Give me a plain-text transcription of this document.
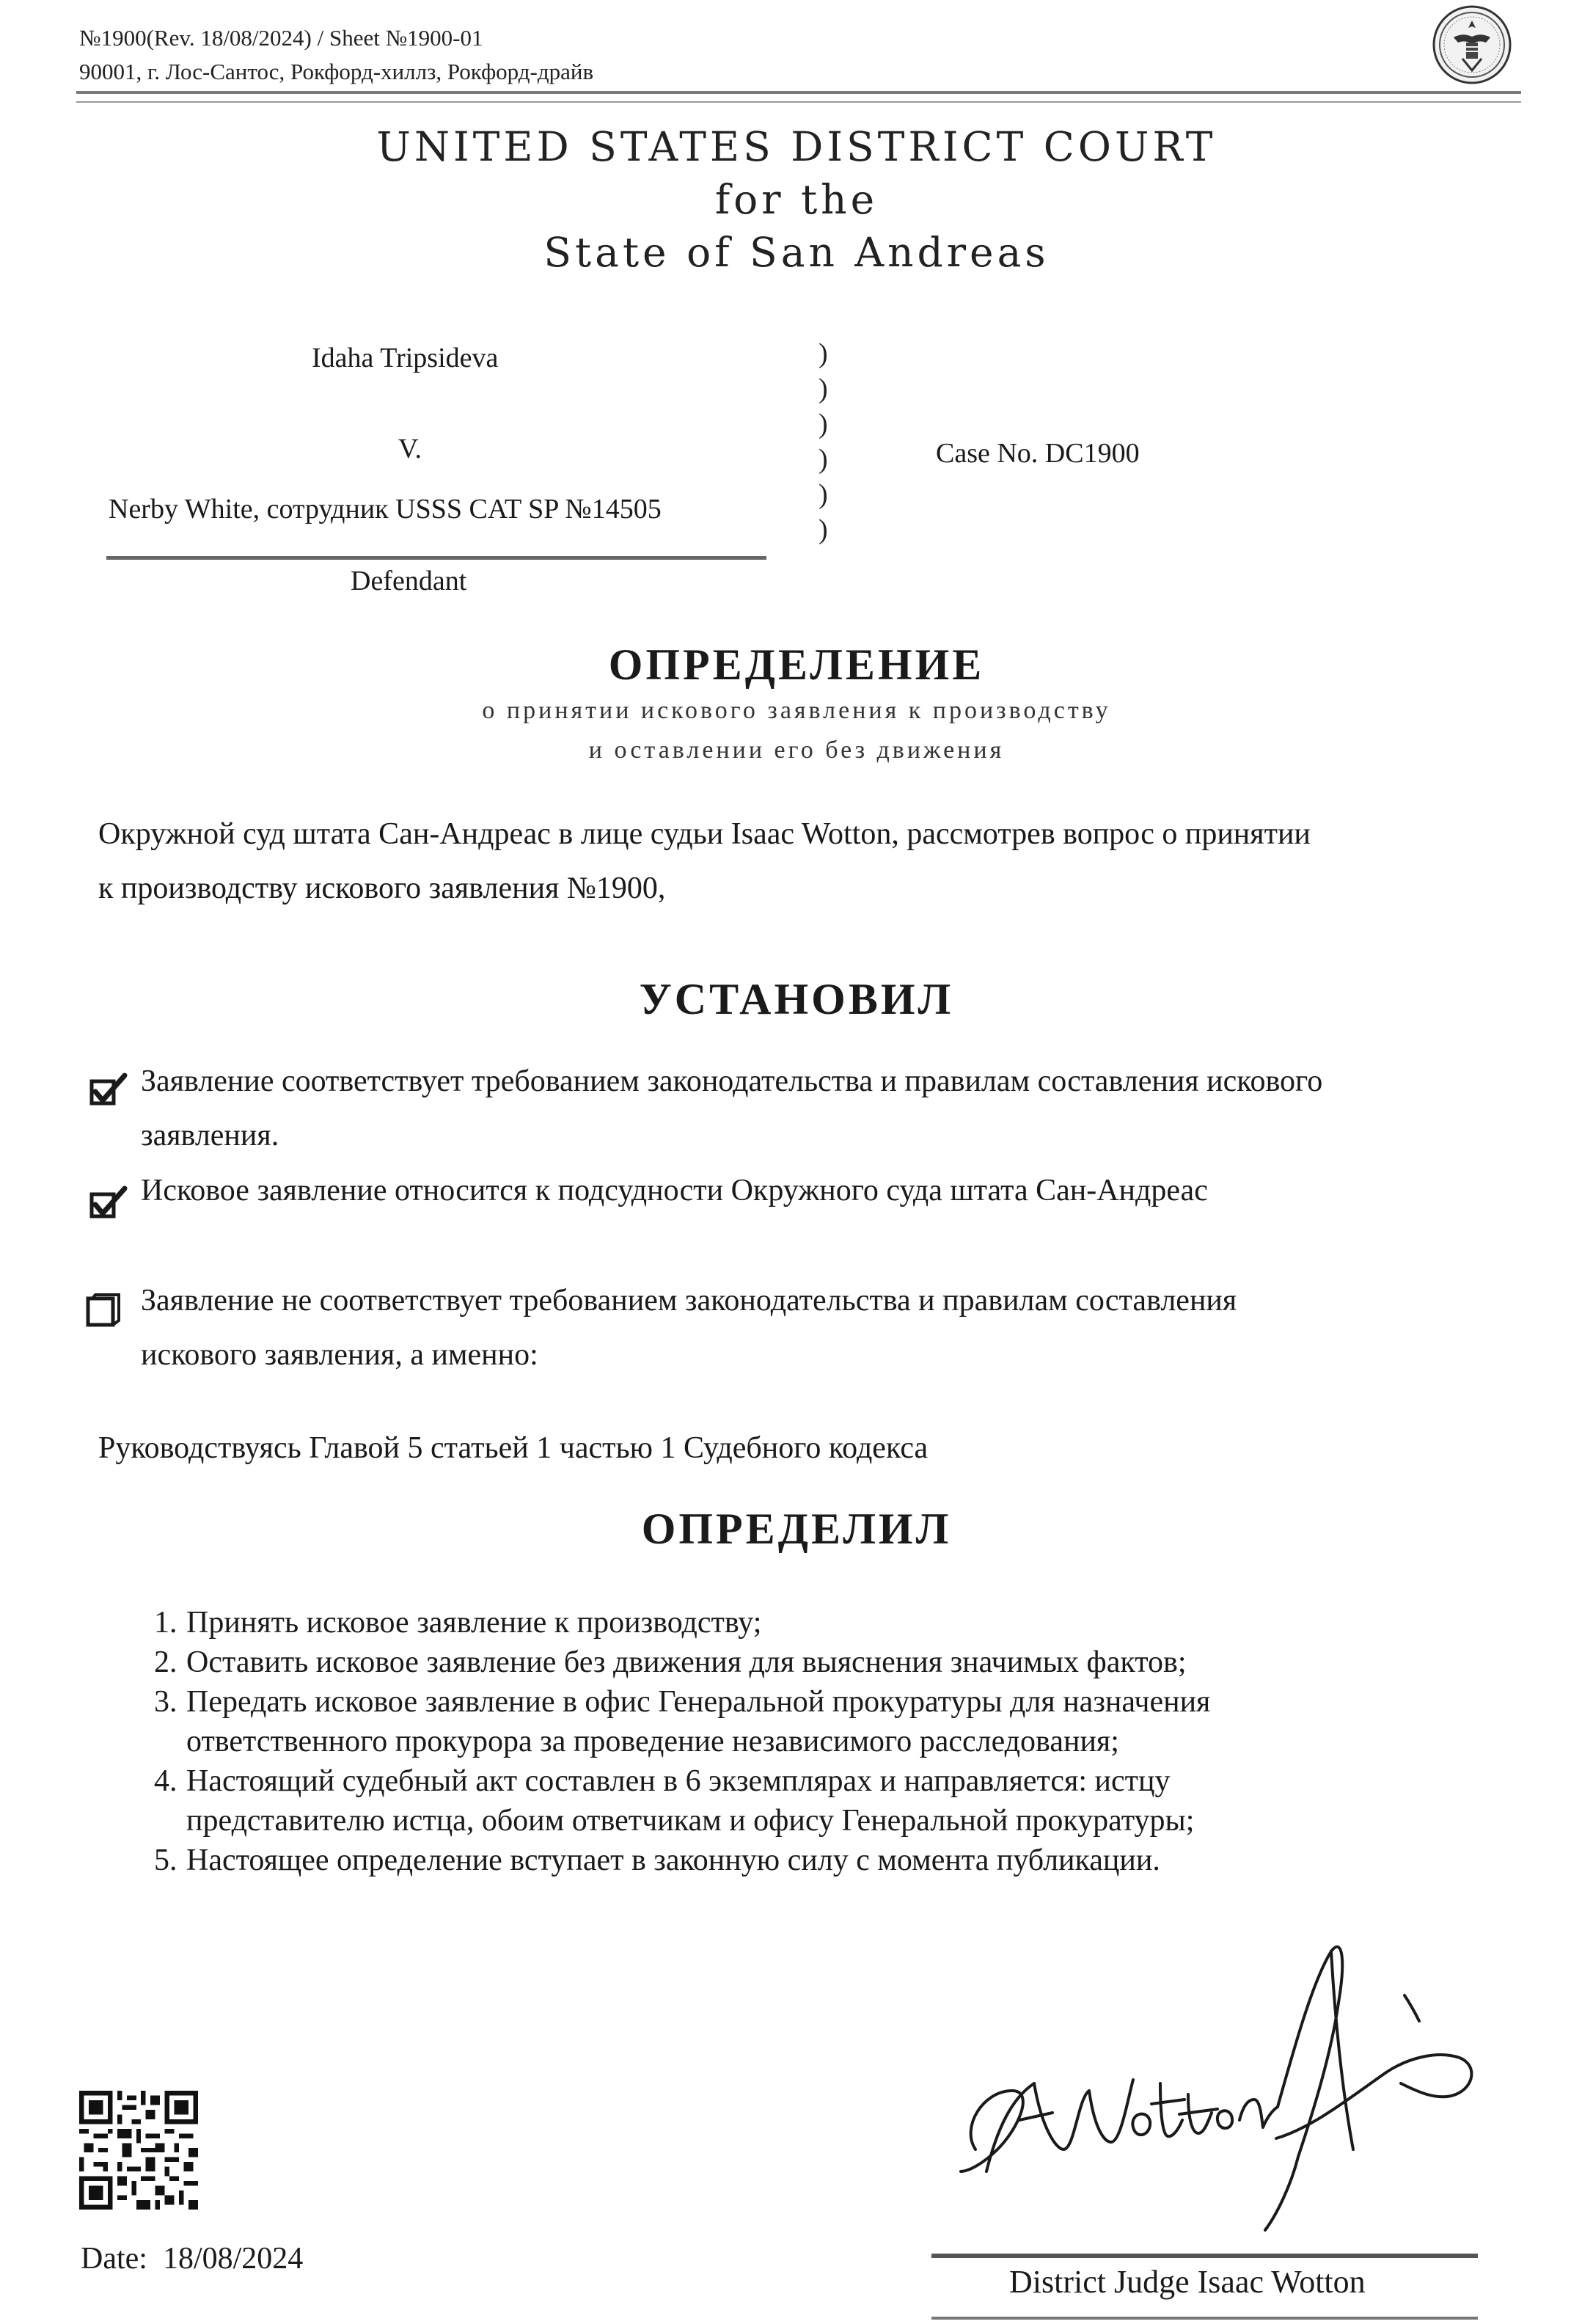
№1900(Rev. 18/08/2024) / Sheet №1900-01
90001, г. Лос-Сантос, Рокфорд-хиллз, Рокфорд-драйв
UNITED STATES DISTRICT COURT
for the
State of San Andreas
Idaha Tripsideva
V.
Nerby White, сотрудник USSS CAT SP №14505
Defendant
Case No. DC1900
)
)
)
)
)
)
ОПРЕДЕЛЕНИЕ
о принятии искового заявления к производству
и оставлении его без движения
Окружной суд штата Сан-Андреас в лице судьи Isaac Wotton, рассмотрев вопрос о принятии
к производству искового заявления №1900,
УСТАНОВИЛ
Заявление соответствует требованием законодательства и правилам составления искового
заявления.
Исковое заявление относится к подсудности Окружного суда штата Сан-Андреас
Заявление не соответствует требованием законодательства и правилам составления
искового заявления, а именно:
Руководствуясь Главой 5 статьей 1 частью 1 Судебного кодекса
ОПРЕДЕЛИЛ
1. Принять исковое заявление к производству;
2. Оставить исковое заявление без движения для выяснения значимых фактов;
3. Передать исковое заявление в офис Генеральной прокуратуры для назначения
ответственного прокурора за проведение независимого расследования;
4. Настоящий судебный акт составлен в 6 экземплярах и направляется: истцу
представителю истца, обоим ответчикам и офису Генеральной прокуратуры;
5. Настоящее определение вступает в законную силу с момента публикации.
Date: 18/08/2024
District Judge Isaac Wotton
